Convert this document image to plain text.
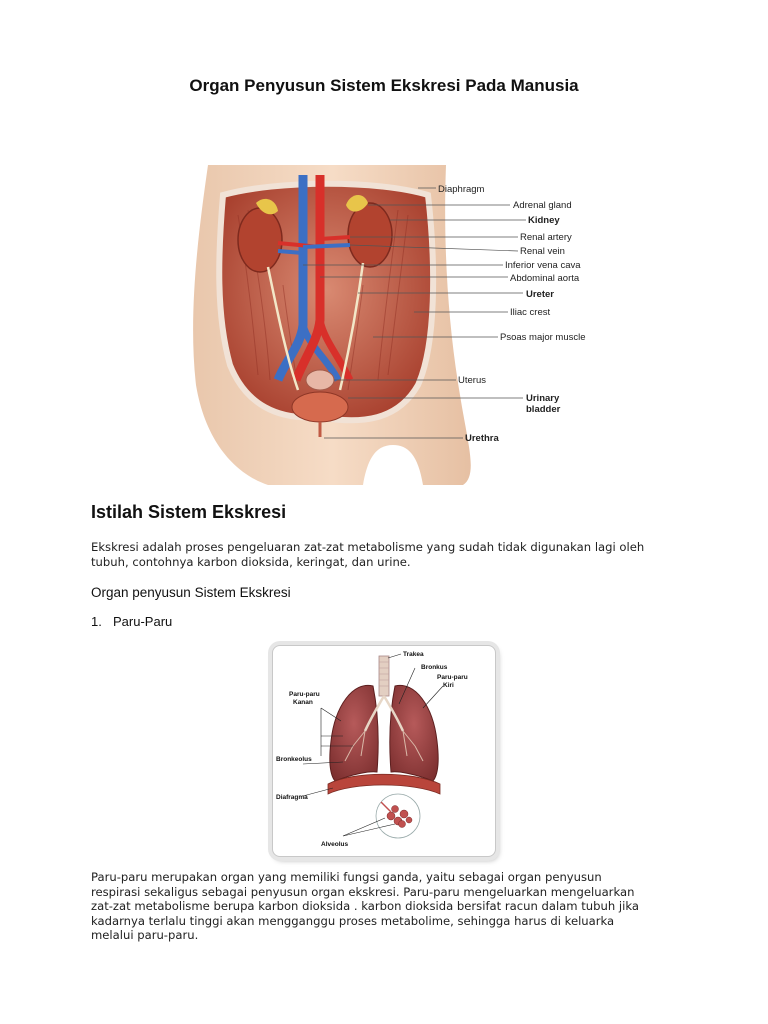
Organ Penyusun Sistem Ekskresi Pada Manusia
Diaphragm
Adrenal gland
Kidney
Renal artery
Renal vein
Inferior vena cava
Abdominal aorta
Ureter
Iliac crest
Psoas major muscle
Uterus
Urinary
bladder
Urethra
Istilah Sistem Ekskresi
Ekskresi adalah proses pengeluaran zat-zat metabolisme yang sudah tidak digunakan lagi oleh
tubuh, contohnya karbon dioksida, keringat, dan urine.
Organ penyusun Sistem Ekskresi
1. Paru-Paru
Trakea
Bronkus
Paru-paru
Kiri
Paru-paru
Kanan
Bronkeolus
Diafragma
Alveolus
Paru-paru merupakan organ yang memiliki fungsi ganda, yaitu sebagai organ penyusun
respirasi sekaligus sebagai penyusun organ ekskresi. Paru-paru mengeluarkan mengeluarkan
zat-zat metabolisme berupa karbon dioksida . karbon dioksida bersifat racun dalam tubuh jika
kadarnya terlalu tinggi akan mengganggu proses metabolime, sehingga harus di keluarka
melalui paru-paru.
